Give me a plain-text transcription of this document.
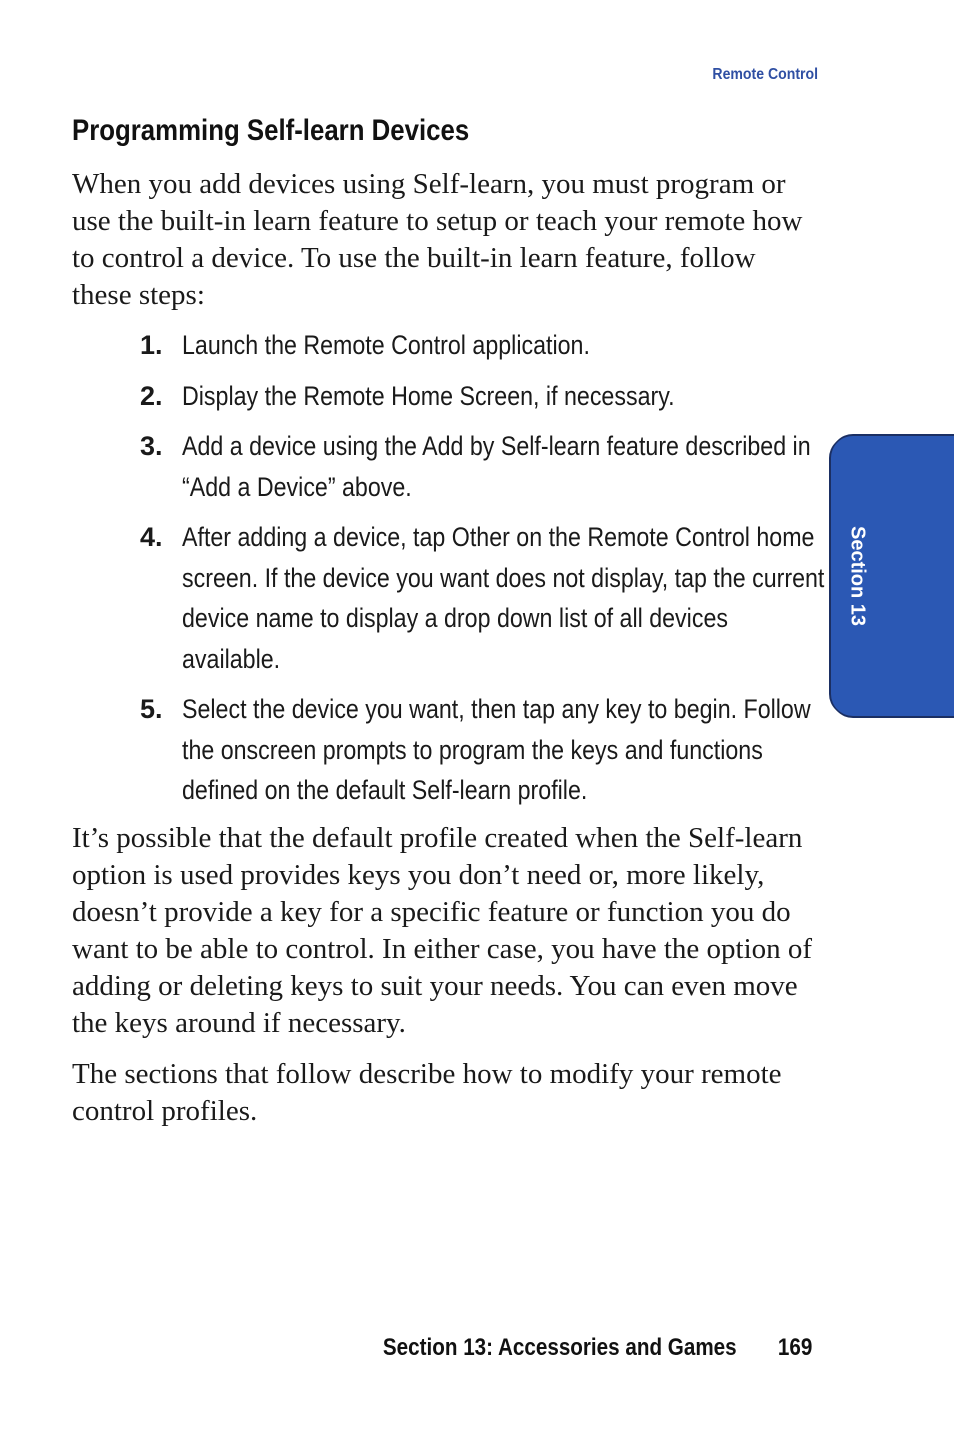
Remote Control
Section 13
Programming Self-learn Devices

When you add devices using Self-learn, you must program or use the built-in learn feature to setup or teach your remote how to control a device. To use the built-in learn feature, follow these steps:

1. Launch the Remote Control application.
2. Display the Remote Home Screen, if necessary.
3. Add a device using the Add by Self-learn feature described in “Add a Device” above.
4. After adding a device, tap Other on the Remote Control home screen. If the device you want does not display, tap the current device name to display a drop down list of all devices available.
5. Select the device you want, then tap any key to begin. Follow the onscreen prompts to program the keys and functions defined on the default Self-learn profile.

It’s possible that the default profile created when the Self-learn option is used provides keys you don’t need or, more likely, doesn’t provide a key for a specific feature or function you do want to be able to control. In either case, you have the option of adding or deleting keys to suit your needs. You can even move the keys around if necessary.

The sections that follow describe how to modify your remote control profiles.

Section 13: Accessories and Games 169
